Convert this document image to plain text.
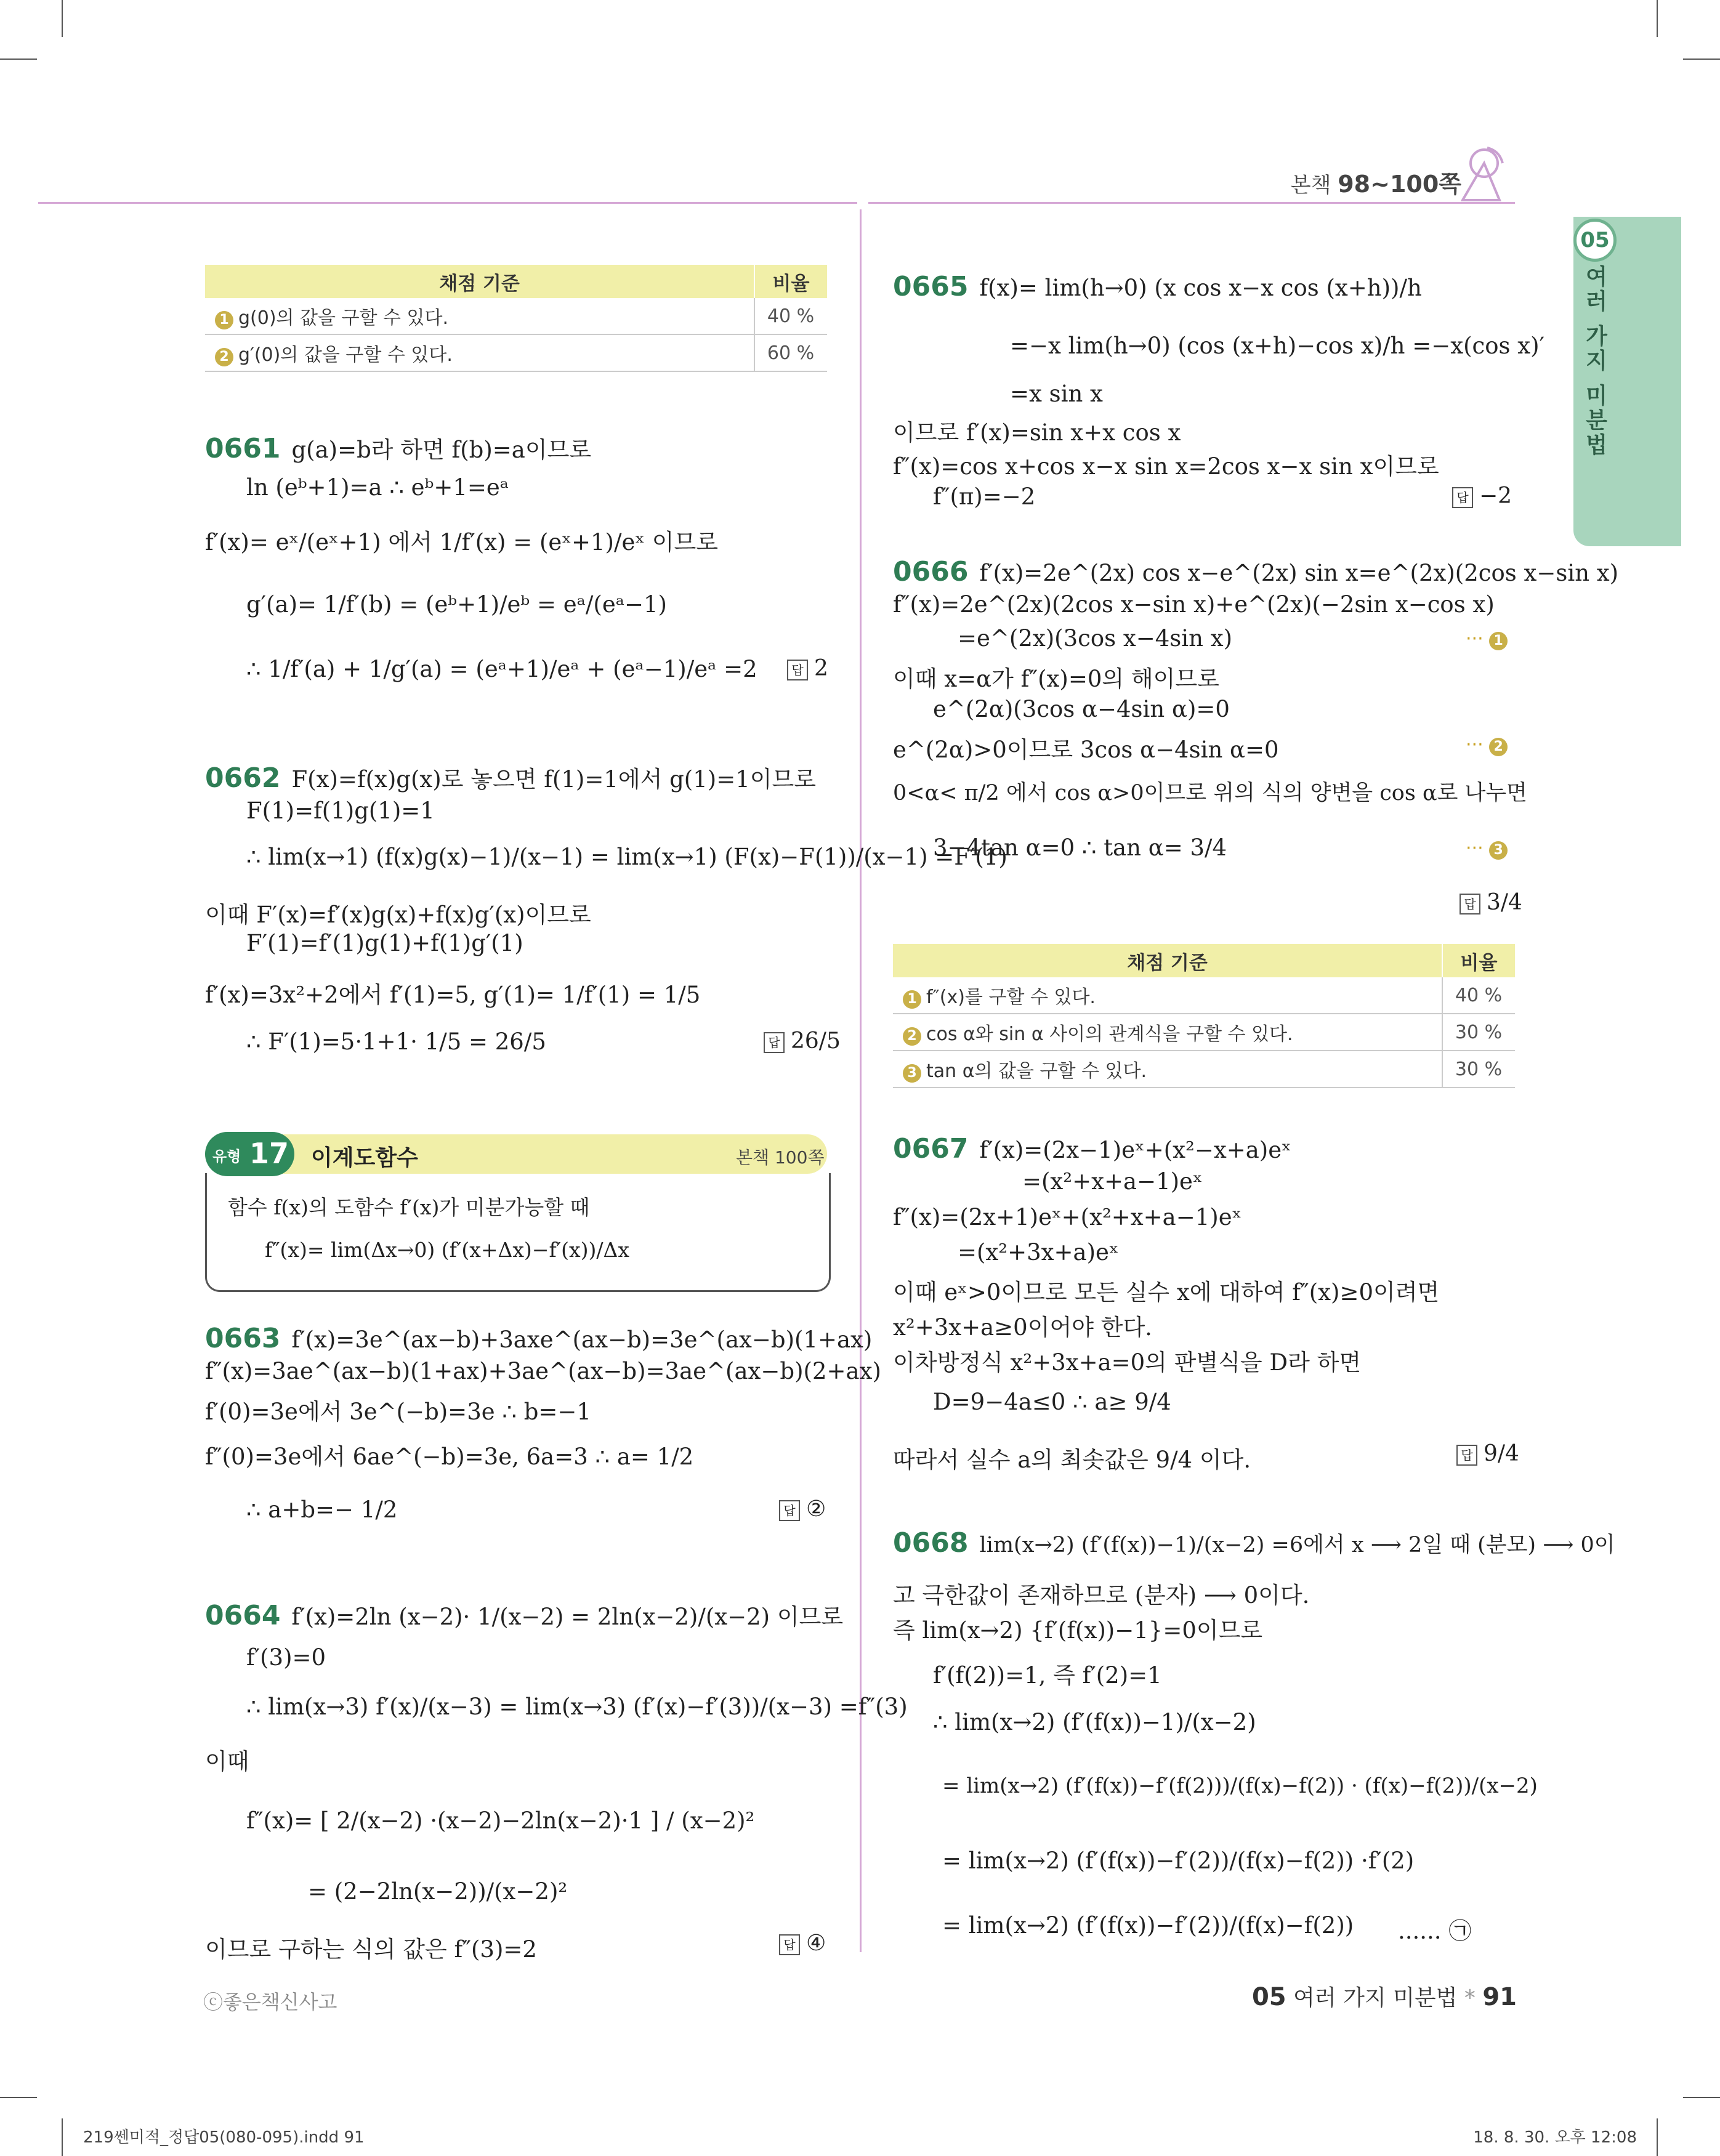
본책 98~100쪽
05
여러 가지 미분법
채점 기준	비율
1 g(0)의 값을 구할 수 있다.	40 %
2 g′(0)의 값을 구할 수 있다.	60 %
0661 g(a)=b라 하면 f(b)=a이므로
ln (eᵇ+1)=a ∴ eᵇ+1=eᵃ
f′(x)= eˣ/(eˣ+1) 에서 1/f′(x) = (eˣ+1)/eˣ 이므로
g′(a)= 1/f′(b) = (eᵇ+1)/eᵇ = eᵃ/(eᵃ−1)
∴ 1/f′(a) + 1/g′(a) = (eᵃ+1)/eᵃ + (eᵃ−1)/eᵃ =2	답 2
0662 F(x)=f(x)g(x)로 놓으면 f(1)=1에서 g(1)=1이므로
F(1)=f(1)g(1)=1
∴ lim(x→1) (f(x)g(x)−1)/(x−1) = lim(x→1) (F(x)−F(1))/(x−1) =F′(1)
이때 F′(x)=f′(x)g(x)+f(x)g′(x)이므로
F′(1)=f′(1)g(1)+f(1)g′(1)
f′(x)=3x²+2에서 f′(1)=5, g′(1)= 1/f′(1) = 1/5
∴ F′(1)=5·1+1· 1/5 = 26/5	답 26/5
유형 17 이계도함수	본책 100쪽
함수 f(x)의 도함수 f′(x)가 미분가능할 때
f″(x)= lim(Δx→0) (f′(x+Δx)−f′(x))/Δx
0663 f′(x)=3e^(ax−b)+3axe^(ax−b)=3e^(ax−b)(1+ax)
f″(x)=3ae^(ax−b)(1+ax)+3ae^(ax−b)=3ae^(ax−b)(2+ax)
f′(0)=3e에서 3e^(−b)=3e ∴ b=−1
f″(0)=3e에서 6ae^(−b)=3e, 6a=3 ∴ a= 1/2
∴ a+b=− 1/2	답 ②
0664 f′(x)=2ln (x−2)· 1/(x−2) = 2ln(x−2)/(x−2) 이므로
f′(3)=0
∴ lim(x→3) f′(x)/(x−3) = lim(x→3) (f′(x)−f′(3))/(x−3) =f″(3)
이때
f″(x)= [ 2/(x−2) ·(x−2)−2ln(x−2)·1 ] / (x−2)²
= (2−2ln(x−2))/(x−2)²
이므로 구하는 식의 값은 f″(3)=2	답 ④
0665 f(x)= lim(h→0) (x cos x−x cos (x+h))/h
=−x lim(h→0) (cos (x+h)−cos x)/h =−x(cos x)′
=x sin x
이므로 f′(x)=sin x+x cos x
f″(x)=cos x+cos x−x sin x=2cos x−x sin x이므로
f″(π)=−2	답 −2
0666 f′(x)=2e^(2x) cos x−e^(2x) sin x=e^(2x)(2cos x−sin x)
f″(x)=2e^(2x)(2cos x−sin x)+e^(2x)(−2sin x−cos x)
=e^(2x)(3cos x−4sin x)	··· 1
이때 x=α가 f″(x)=0의 해이므로
e^(2α)(3cos α−4sin α)=0
e^(2α)>0이므로 3cos α−4sin α=0	··· 2
0<α< π/2 에서 cos α>0이므로 위의 식의 양변을 cos α로 나누면
3−4tan α=0 ∴ tan α= 3/4	··· 3
답 3/4
채점 기준	비율
1 f″(x)를 구할 수 있다.	40 %
2 cos α와 sin α 사이의 관계식을 구할 수 있다.	30 %
3 tan α의 값을 구할 수 있다.	30 %
0667 f′(x)=(2x−1)eˣ+(x²−x+a)eˣ
=(x²+x+a−1)eˣ
f″(x)=(2x+1)eˣ+(x²+x+a−1)eˣ
=(x²+3x+a)eˣ
이때 eˣ>0이므로 모든 실수 x에 대하여 f″(x)≥0이려면
x²+3x+a≥0이어야 한다.
이차방정식 x²+3x+a=0의 판별식을 D라 하면
D=9−4a≤0 ∴ a≥ 9/4
따라서 실수 a의 최솟값은 9/4 이다.	답 9/4
0668 lim(x→2) (f′(f(x))−1)/(x−2) =6에서 x ⟶ 2일 때 (분모) ⟶ 0이
고 극한값이 존재하므로 (분자) ⟶ 0이다.
즉 lim(x→2) {f′(f(x))−1}=0이므로
f′(f(2))=1, 즉 f′(2)=1
∴ lim(x→2) (f′(f(x))−1)/(x−2)
= lim(x→2) (f′(f(x))−f′(f(2)))/(f(x)−f(2)) · (f(x)−f(2))/(x−2)
= lim(x→2) (f′(f(x))−f′(2))/(f(x)−f(2)) ·f′(2)
= lim(x→2) (f′(f(x))−f′(2))/(f(x)−f(2)) ...... ㉠
ⓒ좋은책신사고	05 여러 가지 미분법 * 91
219쎈미적_정답05(080-095).indd 91	18. 8. 30. 오후 12:08
